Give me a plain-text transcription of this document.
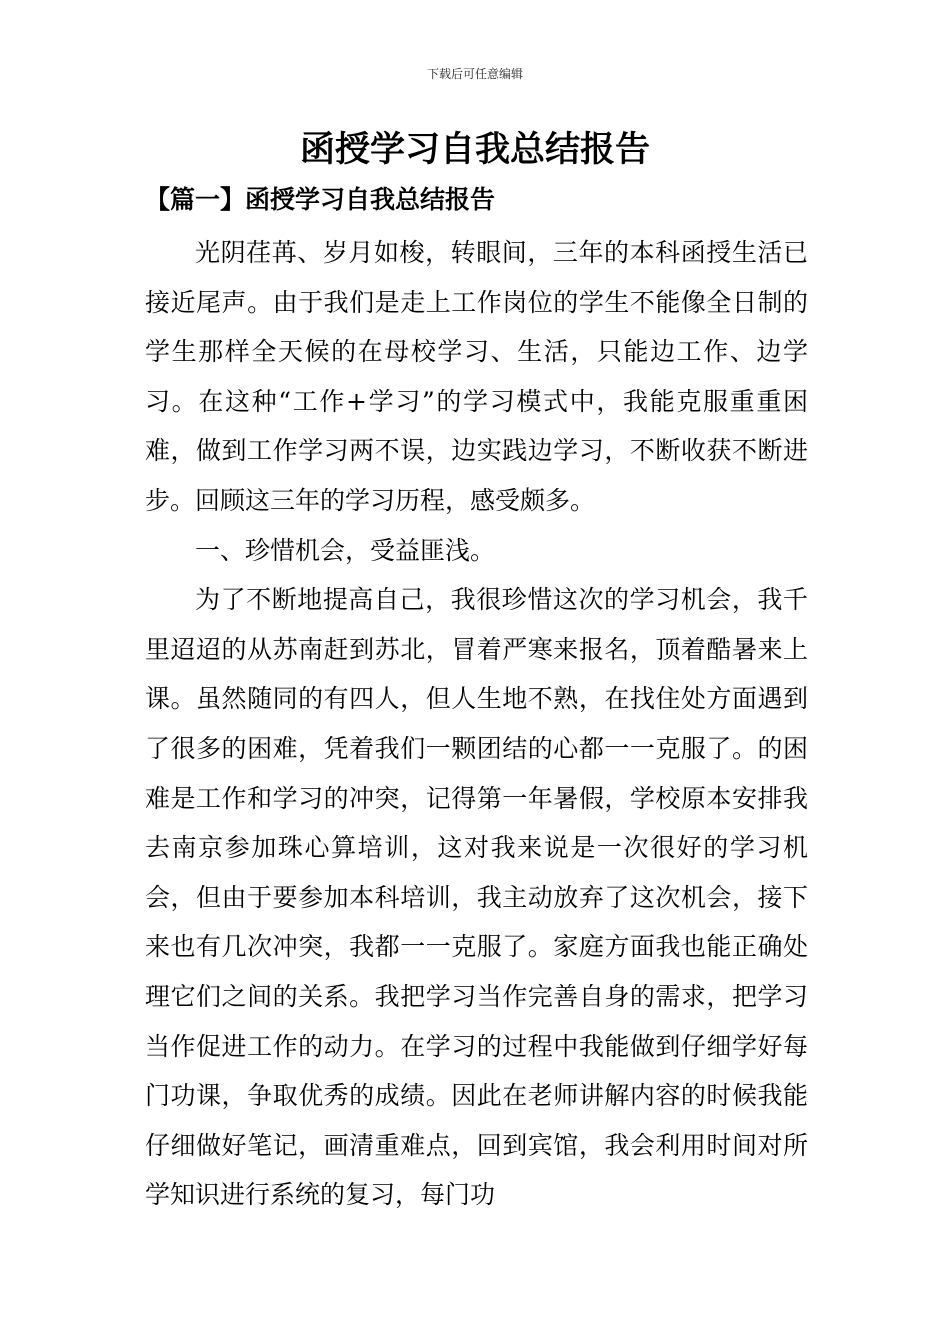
下载后可任意编辑
函授学习自我总结报告
【篇一】函授学习自我总结报告

光阴荏苒、岁月如梭，转眼间，三年的本科函授生活已接近尾声。由于我们是走上工作岗位的学生不能像全日制的学生那样全天候的在母校学习、生活，只能边工作、边学习。在这种“工作+学习”的学习模式中，我能克服重重困难，做到工作学习两不误，边实践边学习，不断收获不断进步。回顾这三年的学习历程，感受颇多。

一、珍惜机会，受益匪浅。

为了不断地提高自己，我很珍惜这次的学习机会，我千里迢迢的从苏南赶到苏北，冒着严寒来报名，顶着酷暑来上课。虽然随同的有四人，但人生地不熟，在找住处方面遇到了很多的困难，凭着我们一颗团结的心都一一克服了。的困难是工作和学习的冲突，记得第一年暑假，学校原本安排我去南京参加珠心算培训，这对我来说是一次很好的学习机会，但由于要参加本科培训，我主动放弃了这次机会，接下来也有几次冲突，我都一一克服了。家庭方面我也能正确处理它们之间的关系。我把学习当作完善自身的需求，把学习当作促进工作的动力。在学习的过程中我能做到仔细学好每门功课，争取优秀的成绩。因此在老师讲解内容的时候我能仔细做好笔记，画清重难点，回到宾馆，我会利用时间对所学知识进行系统的复习，每门功
